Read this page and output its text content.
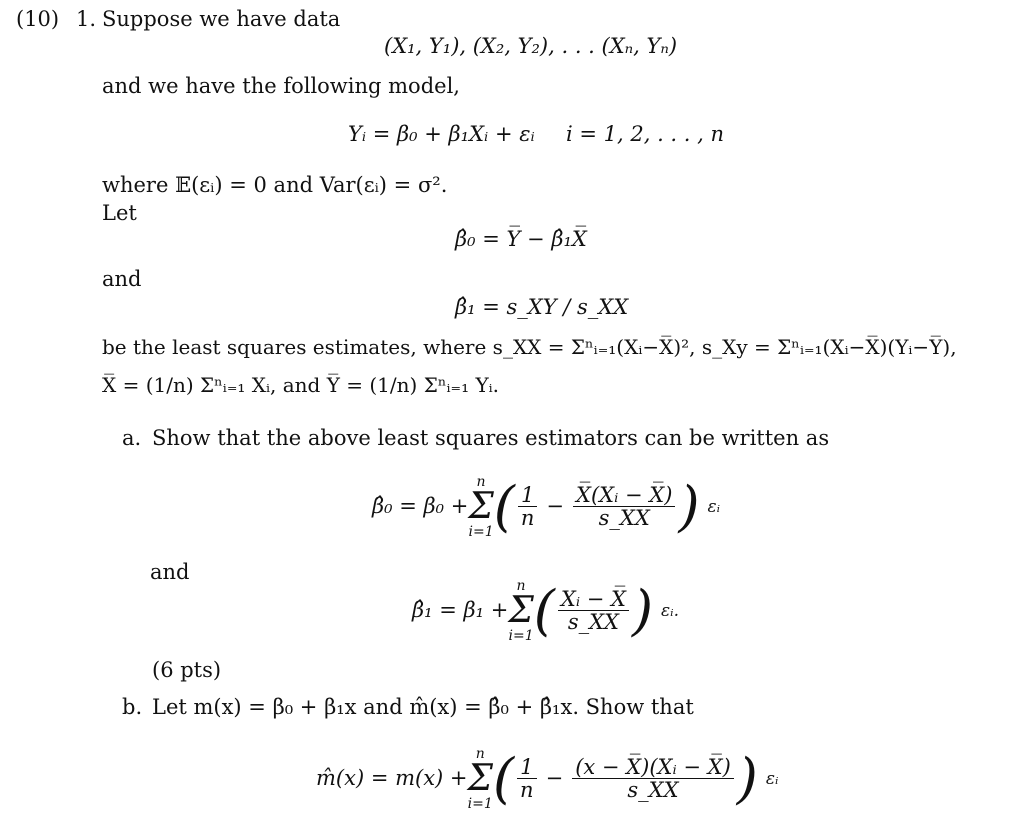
(10) 1. Suppose we have data
(X₁, Y₁), (X₂, Y₂), . . . (Xₙ, Yₙ)
and we have the following model,
Yᵢ = β₀ + β₁Xᵢ + εᵢ i = 1, 2, . . . , n
where 𝔼(εᵢ) = 0 and Var(εᵢ) = σ².
Let
β̂₀ = Y̅ − β̂₁X̅
and
β̂₁ = s_XY / s_XX
be the least squares estimates, where s_XX = Σⁿᵢ₌₁(Xᵢ−X̅)², s_Xy = Σⁿᵢ₌₁(Xᵢ−X̅)(Yᵢ−Y̅),
X̅ = (1/n) Σⁿᵢ₌₁ Xᵢ, and Y̅ = (1/n) Σⁿᵢ₌₁ Yᵢ.
a. Show that the above least squares estimators can be written as
β̂₀ = β₀ +
n
Σ
i=1 ( $\frac{1}{n} - \frac{\text{X̅(Xᵢ − X̅)}}{s\_XX}$ ) εᵢ
and
β̂₁ = β₁ +
n
Σ
i=1 ( $\frac{\text{Xᵢ − X̅}}{s\_XX}$ ) εᵢ.
(6 pts)
b. Let m(x) = β₀ + β₁x and m̂(x) = β̂₀ + β̂₁x. Show that
m̂(x) = m(x) +
n
Σ
i=1 ( $\frac{1}{n} - \frac{\text{(x − X̅)(Xᵢ − X̅)}}{s\_XX}$ ) εᵢ
